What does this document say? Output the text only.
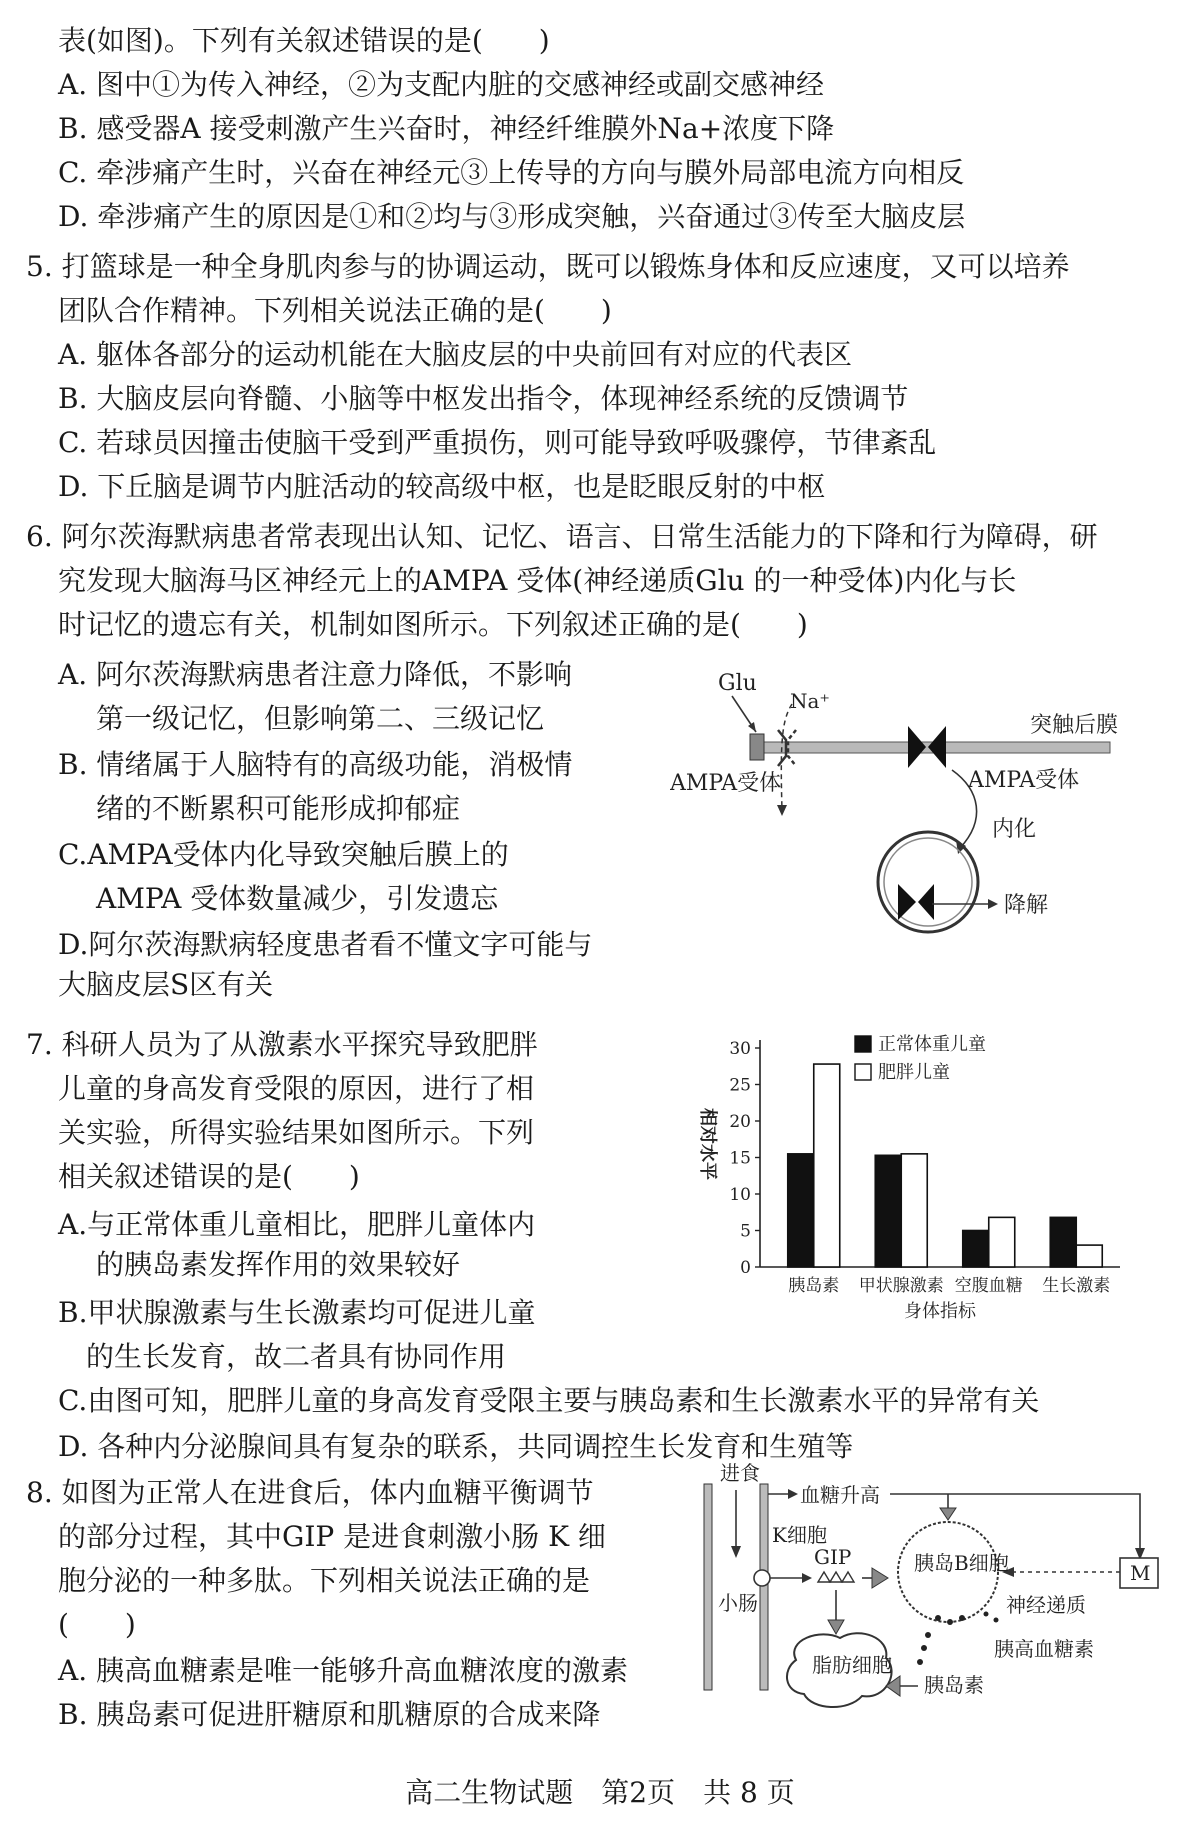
表(如图)。下列有关叙述错误的是(　　)
A. 图中①为传入神经，②为支配内脏的交感神经或副交感神经
B. 感受器A 接受刺激产生兴奋时，神经纤维膜外Na+浓度下降
C. 牵涉痛产生时，兴奋在神经元③上传导的方向与膜外局部电流方向相反
D. 牵涉痛产生的原因是①和②均与③形成突触，兴奋通过③传至大脑皮层
5. 打篮球是一种全身肌肉参与的协调运动，既可以锻炼身体和反应速度，又可以培养
团队合作精神。下列相关说法正确的是(　　)
A. 躯体各部分的运动机能在大脑皮层的中央前回有对应的代表区
B. 大脑皮层向脊髓、小脑等中枢发出指令，体现神经系统的反馈调节
C. 若球员因撞击使脑干受到严重损伤，则可能导致呼吸骤停，节律紊乱
D. 下丘脑是调节内脏活动的较高级中枢，也是眨眼反射的中枢
6. 阿尔茨海默病患者常表现出认知、记忆、语言、日常生活能力的下降和行为障碍，研
究发现大脑海马区神经元上的AMPA 受体(神经递质Glu 的一种受体)内化与长
时记忆的遗忘有关，机制如图所示。下列叙述正确的是(　　)
A. 阿尔茨海默病患者注意力降低，不影响
第一级记忆，但影响第二、三级记忆
B. 情绪属于人脑特有的高级功能，消极情
绪的不断累积可能形成抑郁症
C.AMPA受体内化导致突触后膜上的
AMPA 受体数量减少，引发遗忘
D.阿尔茨海默病轻度患者看不懂文字可能与
大脑皮层S区有关
Glu
Na⁺
AMPA受体
突触后膜
AMPA受体
内化
降解
7. 科研人员为了从激素水平探究导致肥胖
儿童的身高发育受限的原因，进行了相
关实验，所得实验结果如图所示。下列
相关叙述错误的是(　　)
A.与正常体重儿童相比，肥胖儿童体内
的胰岛素发挥作用的效果较好
B.甲状腺激素与生长激素均可促进儿童
的生长发育，故二者具有协同作用
C.由图可知，肥胖儿童的身高发育受限主要与胰岛素和生长激素水平的异常有关
D. 各种内分泌腺间具有复杂的联系，共同调控生长发育和生殖等
0
5
10
15
20
25
30
相对水平
胰岛素 甲状腺激素 空腹血糖 生长激素
身体指标
正常体重儿童
肥胖儿童
8. 如图为正常人在进食后，体内血糖平衡调节
的部分过程，其中GIP 是进食刺激小肠 K 细
胞分泌的一种多肽。下列相关说法正确的是
(　　)
A. 胰高血糖素是唯一能够升高血糖浓度的激素
B. 胰岛素可促进肝糖原和肌糖原的合成来降
进食
血糖升高
K细胞
小肠
GIP	胰岛B细胞
神经递质
胰高血糖素
胰岛素
脂肪细胞
M
高二生物试题　第2页　共 8 页
